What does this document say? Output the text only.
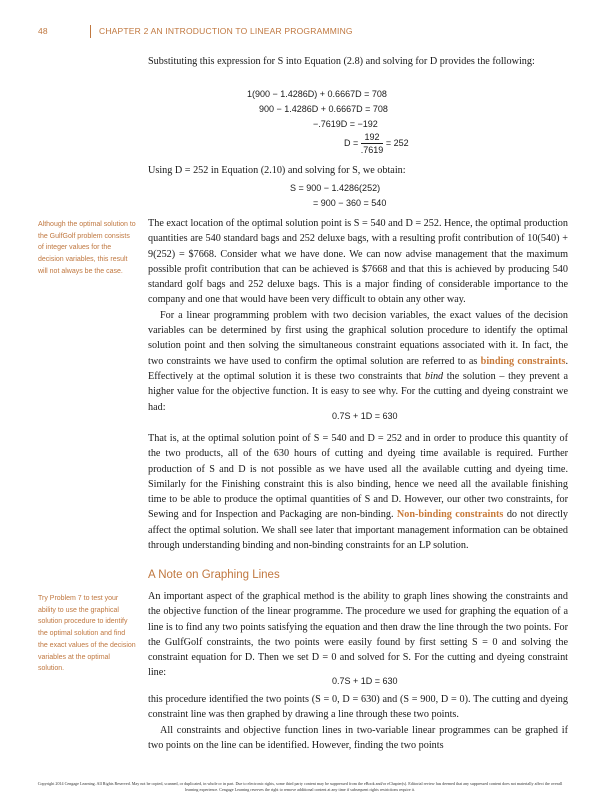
48	CHAPTER 2 AN INTRODUCTION TO LINEAR PROGRAMMING

Substituting this expression for S into Equation (2.8) and solving for D provides the following:

1(900 − 1.4286D) + 0.6667D = 708
900 − 1.4286D + 0.6667D = 708
−.7619D = −192
$D = \frac{192}{.7619} = 252$

Using D = 252 in Equation (2.10) and solving for S, we obtain:

S = 900 − 1.4286(252)
= 900 − 360 = 540
Although the optimal solution to the GulfGolf problem consists of integer values for the decision variables, this result will not always be the case.

The exact location of the optimal solution point is S = 540 and D = 252. Hence, the optimal production quantities are 540 standard bags and 252 deluxe bags, with a resulting profit contribution of 10(540) + 9(252) = $7668. Consider what we have done. We can now advise management that the maximum possible profit contribution that can be achieved is $7668 and that this is achieved by producing 540 standard golf bags and 252 deluxe bags. This is a major finding of considerable importance to the company and one that would have been very difficult to obtain any other way.

For a linear programming problem with two decision variables, the exact values of the decision variables can be determined by first using the graphical solution procedure to identify the optimal solution point and then solving the simultaneous constraint equations associated with it. In fact, the two constraints we have used to confirm the optimal solution are referred to as binding constraints. Effectively at the optimal solution it is these two constraints that bind the solution – they prevent a higher value for the objective function. It is easy to see why. For the cutting and dyeing constraint we had:

0.7S + 1D = 630

That is, at the optimal solution point of S = 540 and D = 252 and in order to produce this quantity of the two products, all of the 630 hours of cutting and dyeing time available is required. Further production of S and D is not possible as we have used all the available cutting and dyeing time. Similarly for the Finishing constraint this is also binding, hence we need all the available finishing time to be able to produce the optimal quantities of S and D. However, our other two constraints, for Sewing and for Inspection and Packaging are non-binding. Non-binding constraints do not directly affect the optimal solution. We shall see later that important management information can be obtained through understanding binding and non-binding constraints for an LP solution.

A Note on Graphing Lines
Try Problem 7 to test your ability to use the graphical solution procedure to identify the optimal solution and find the exact values of the decision variables at the optimal solution.

An important aspect of the graphical method is the ability to graph lines showing the constraints and the objective function of the linear programme. The procedure we used for graphing the equation of a line is to find any two points satisfying the equation and then draw the line through the two points. For the GulfGolf constraints, the two points were easily found by first setting S = 0 and solving the constraint equation for D. Then we set D = 0 and solved for S. For the cutting and dyeing constraint line:

0.7S + 1D = 630

this procedure identified the two points (S = 0, D = 630) and (S = 900, D = 0). The cutting and dyeing constraint line was then graphed by drawing a line through these two points.

All constraints and objective function lines in two-variable linear programmes can be graphed if two points on the line can be identified. However, finding the two points

Copyright 2014 Cengage Learning. All Rights Reserved. May not be copied, scanned, or duplicated, in whole or in part. Due to electronic rights, some third party content may be suppressed from the eBook and/or eChapter(s). Editorial review has deemed that any suppressed content does not materially affect the overall learning experience. Cengage Learning reserves the right to remove additional content at any time if subsequent rights restrictions require it.
